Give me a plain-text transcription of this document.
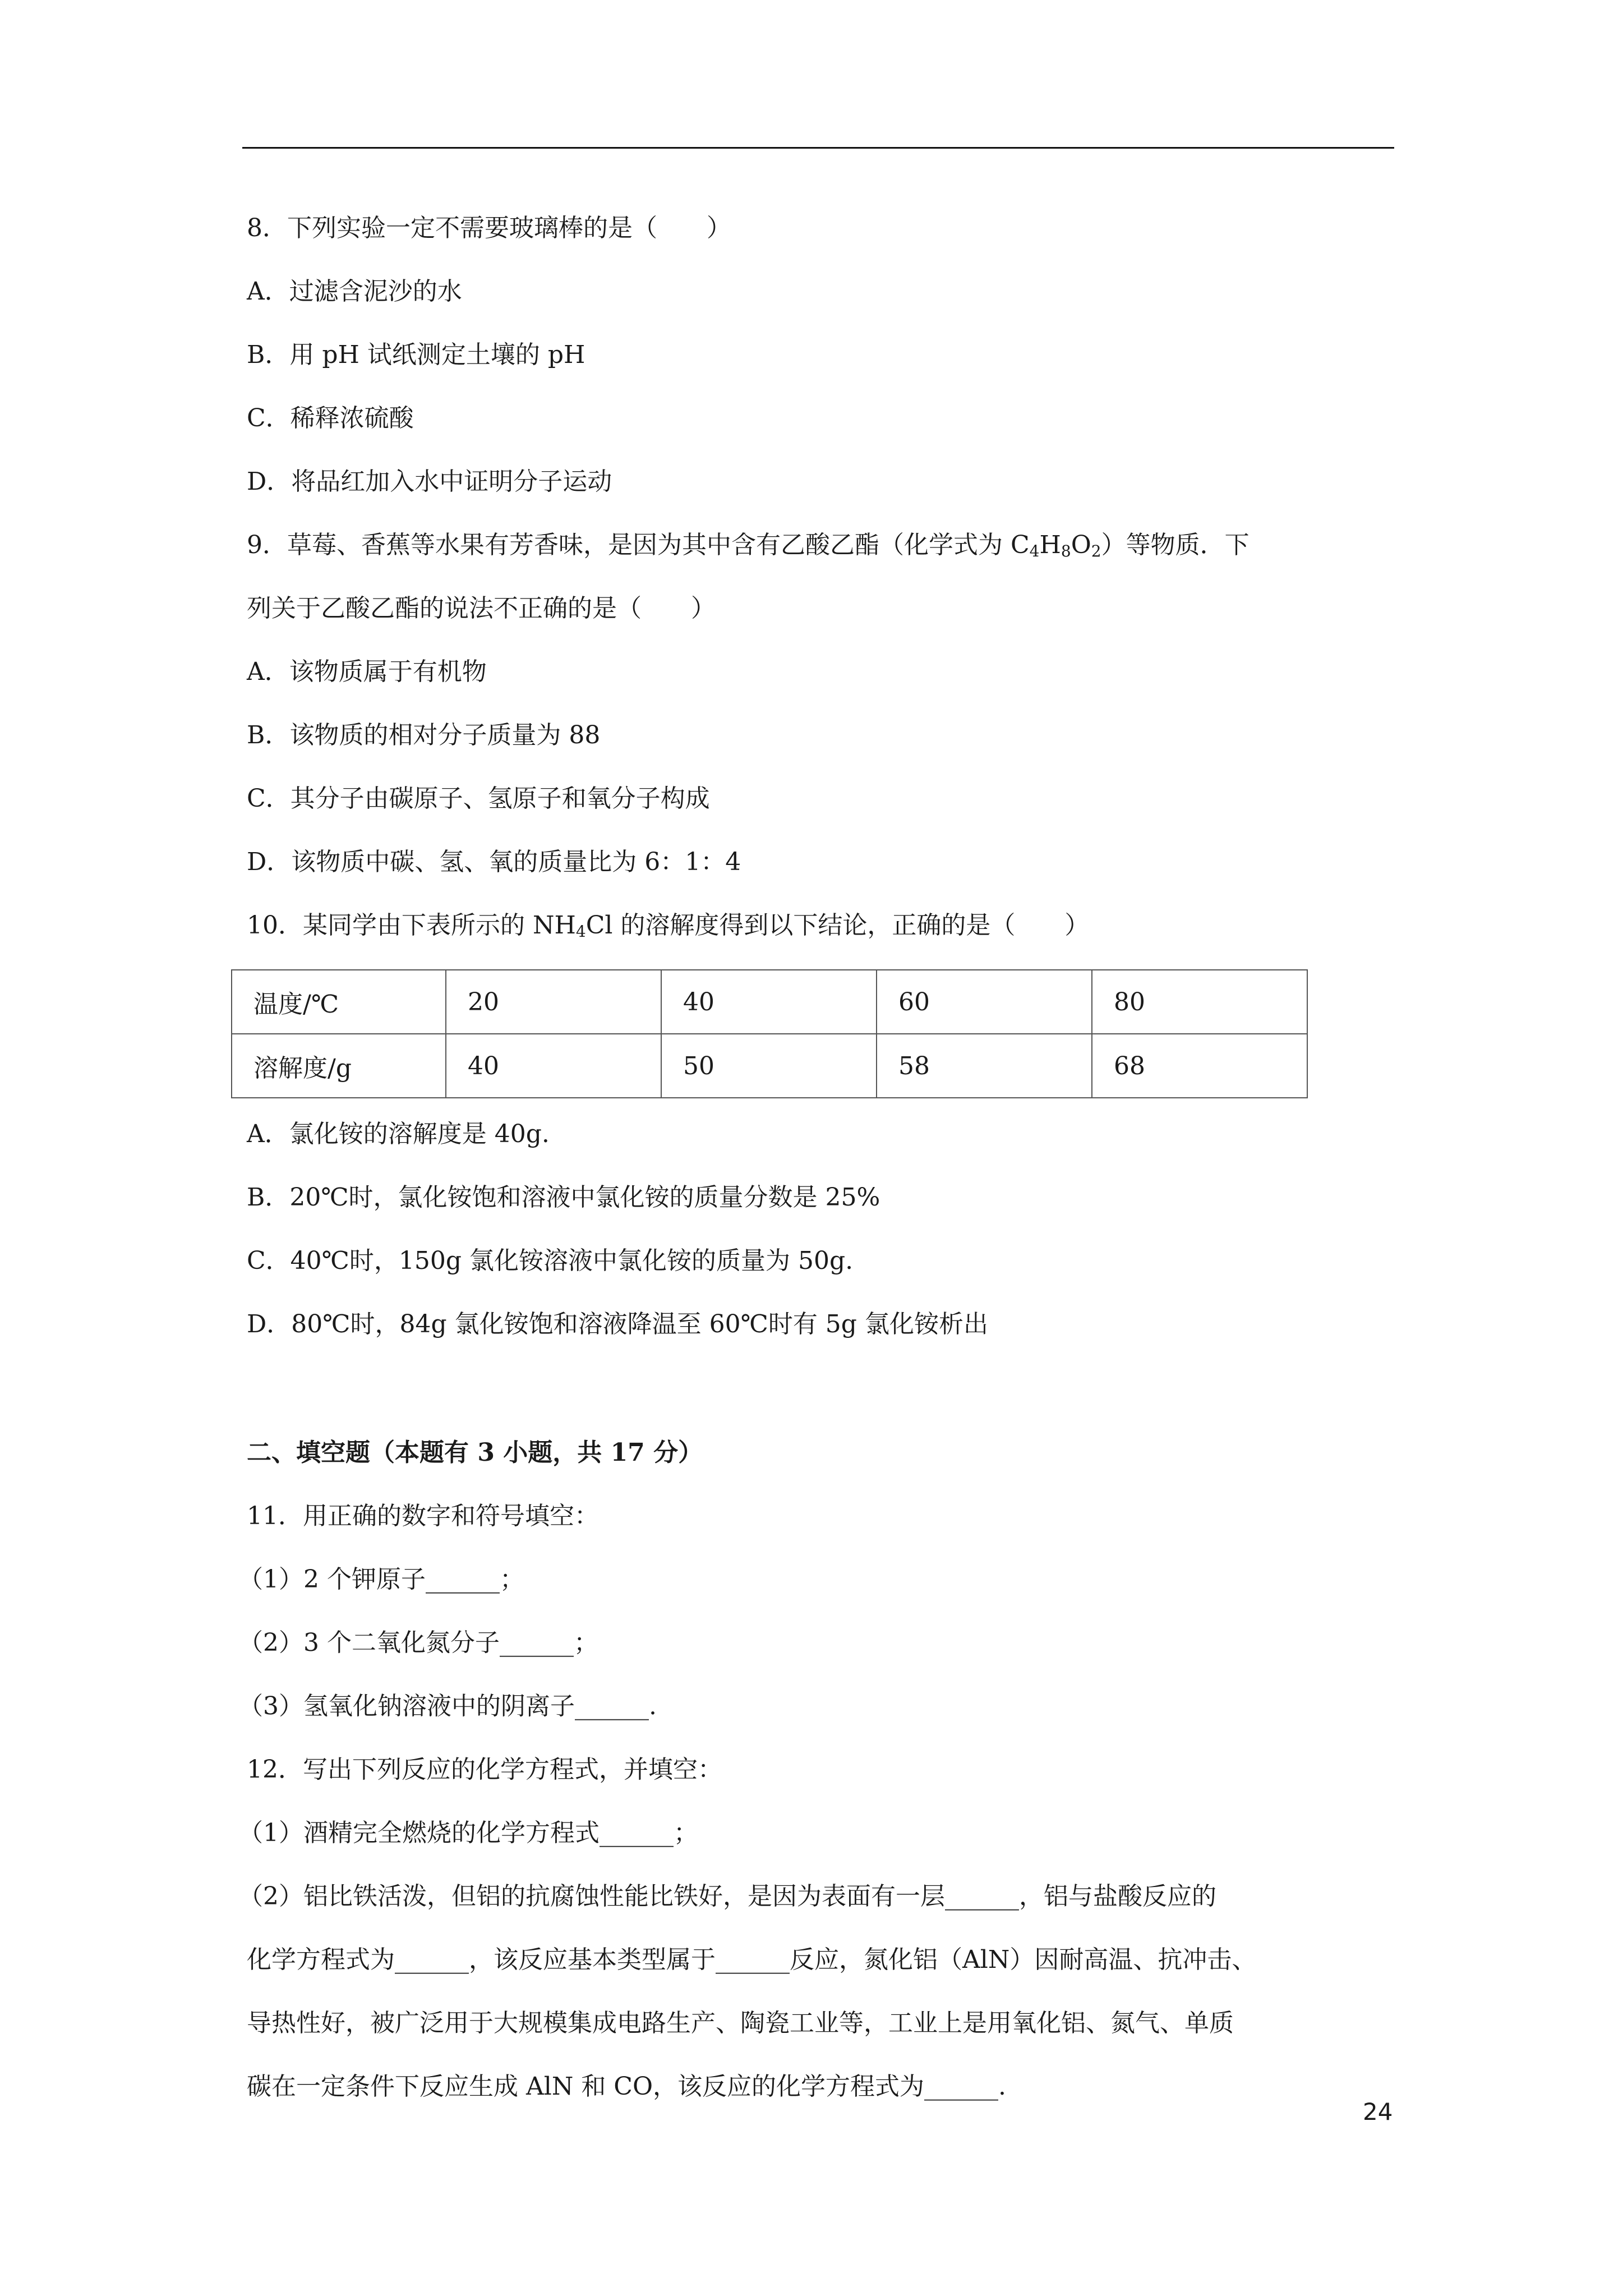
8．下列实验一定不需要玻璃棒的是（　　）
A．过滤含泥沙的水
B．用 pH 试纸测定土壤的 pH
C．稀释浓硫酸
D．将品红加入水中证明分子运动
9．草莓、香蕉等水果有芳香味，是因为其中含有乙酸乙酯（化学式为 $C_4H_8O_2$）等物质．下
列关于乙酸乙酯的说法不正确的是（　　）
A．该物质属于有机物
B．该物质的相对分子质量为 88
C．其分子由碳原子、氢原子和氧分子构成
D．该物质中碳、氢、氧的质量比为 6：1：4
10．某同学由下表所示的 $NH_4Cl$ 的溶解度得到以下结论，正确的是（　　）
温度/℃	20	40	60	80
溶解度/g	40	50	58	68
A．氯化铵的溶解度是 40g.
B．20℃时，氯化铵饱和溶液中氯化铵的质量分数是 25%
C．40℃时，150g 氯化铵溶液中氯化铵的质量为 50g.
D．80℃时，84g 氯化铵饱和溶液降温至 60℃时有 5g 氯化铵析出
二、填空题（本题有 3 小题，共 17 分）
11．用正确的数字和符号填空：
（1）2 个钾原子______；
（2）3 个二氧化氮分子______；
（3）氢氧化钠溶液中的阴离子______.
12．写出下列反应的化学方程式，并填空：
（1）酒精完全燃烧的化学方程式______；
（2）铝比铁活泼，但铝的抗腐蚀性能比铁好，是因为表面有一层______，铝与盐酸反应的
化学方程式为______，该反应基本类型属于______反应，氮化铝（AlN）因耐高温、抗冲击、
导热性好，被广泛用于大规模集成电路生产、陶瓷工业等，工业上是用氧化铝、氮气、单质
碳在一定条件下反应生成 AlN 和 CO，该反应的化学方程式为______.
24
